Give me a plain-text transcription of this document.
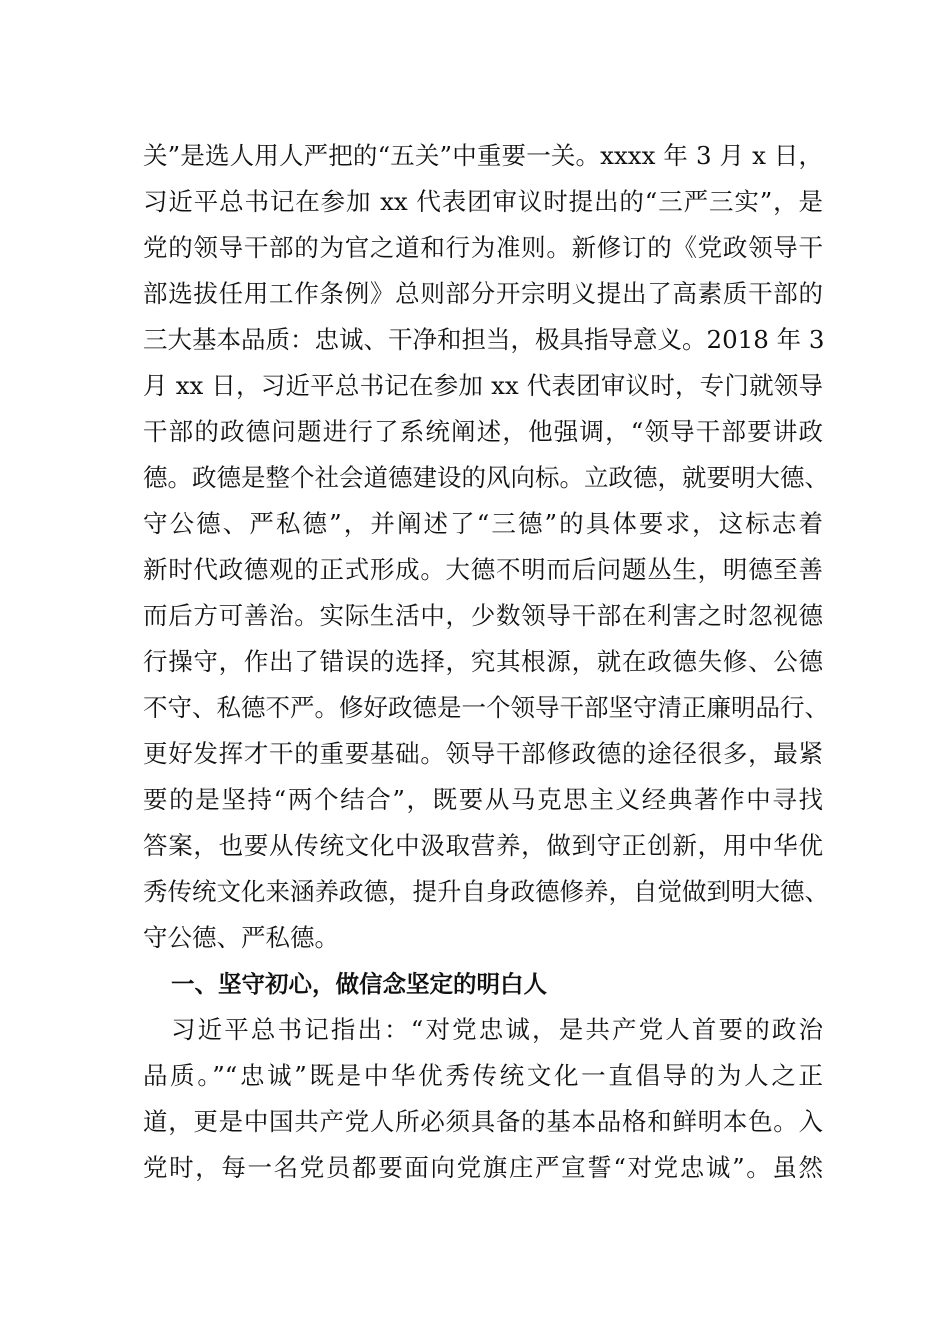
关”是选人用人严把的“五关”中重要一关。xxxx 年 3 月 x 日，
习近平总书记在参加 xx 代表团审议时提出的“三严三实”，是
党的领导干部的为官之道和行为准则。新修订的《党政领导干
部选拔任用工作条例》总则部分开宗明义提出了高素质干部的
三大基本品质：忠诚、干净和担当，极具指导意义。2018 年 3
月 xx 日，习近平总书记在参加 xx 代表团审议时，专门就领导
干部的政德问题进行了系统阐述，他强调，“领导干部要讲政
德。政德是整个社会道德建设的风向标。立政德，就要明大德、
守公德、严私德”，并阐述了“三德”的具体要求，这标志着
新时代政德观的正式形成。大德不明而后问题丛生，明德至善
而后方可善治。实际生活中，少数领导干部在利害之时忽视德
行操守，作出了错误的选择，究其根源，就在政德失修、公德
不守、私德不严。修好政德是一个领导干部坚守清正廉明品行、
更好发挥才干的重要基础。领导干部修政德的途径很多，最紧
要的是坚持“两个结合”，既要从马克思主义经典著作中寻找
答案，也要从传统文化中汲取营养，做到守正创新，用中华优
秀传统文化来涵养政德，提升自身政德修养，自觉做到明大德、
守公德、严私德。
一、坚守初心，做信念坚定的明白人
习近平总书记指出：“对党忠诚，是共产党人首要的政治
品质。”“忠诚”既是中华优秀传统文化一直倡导的为人之正
道，更是中国共产党人所必须具备的基本品格和鲜明本色。入
党时，每一名党员都要面向党旗庄严宣誓“对党忠诚”。虽然
